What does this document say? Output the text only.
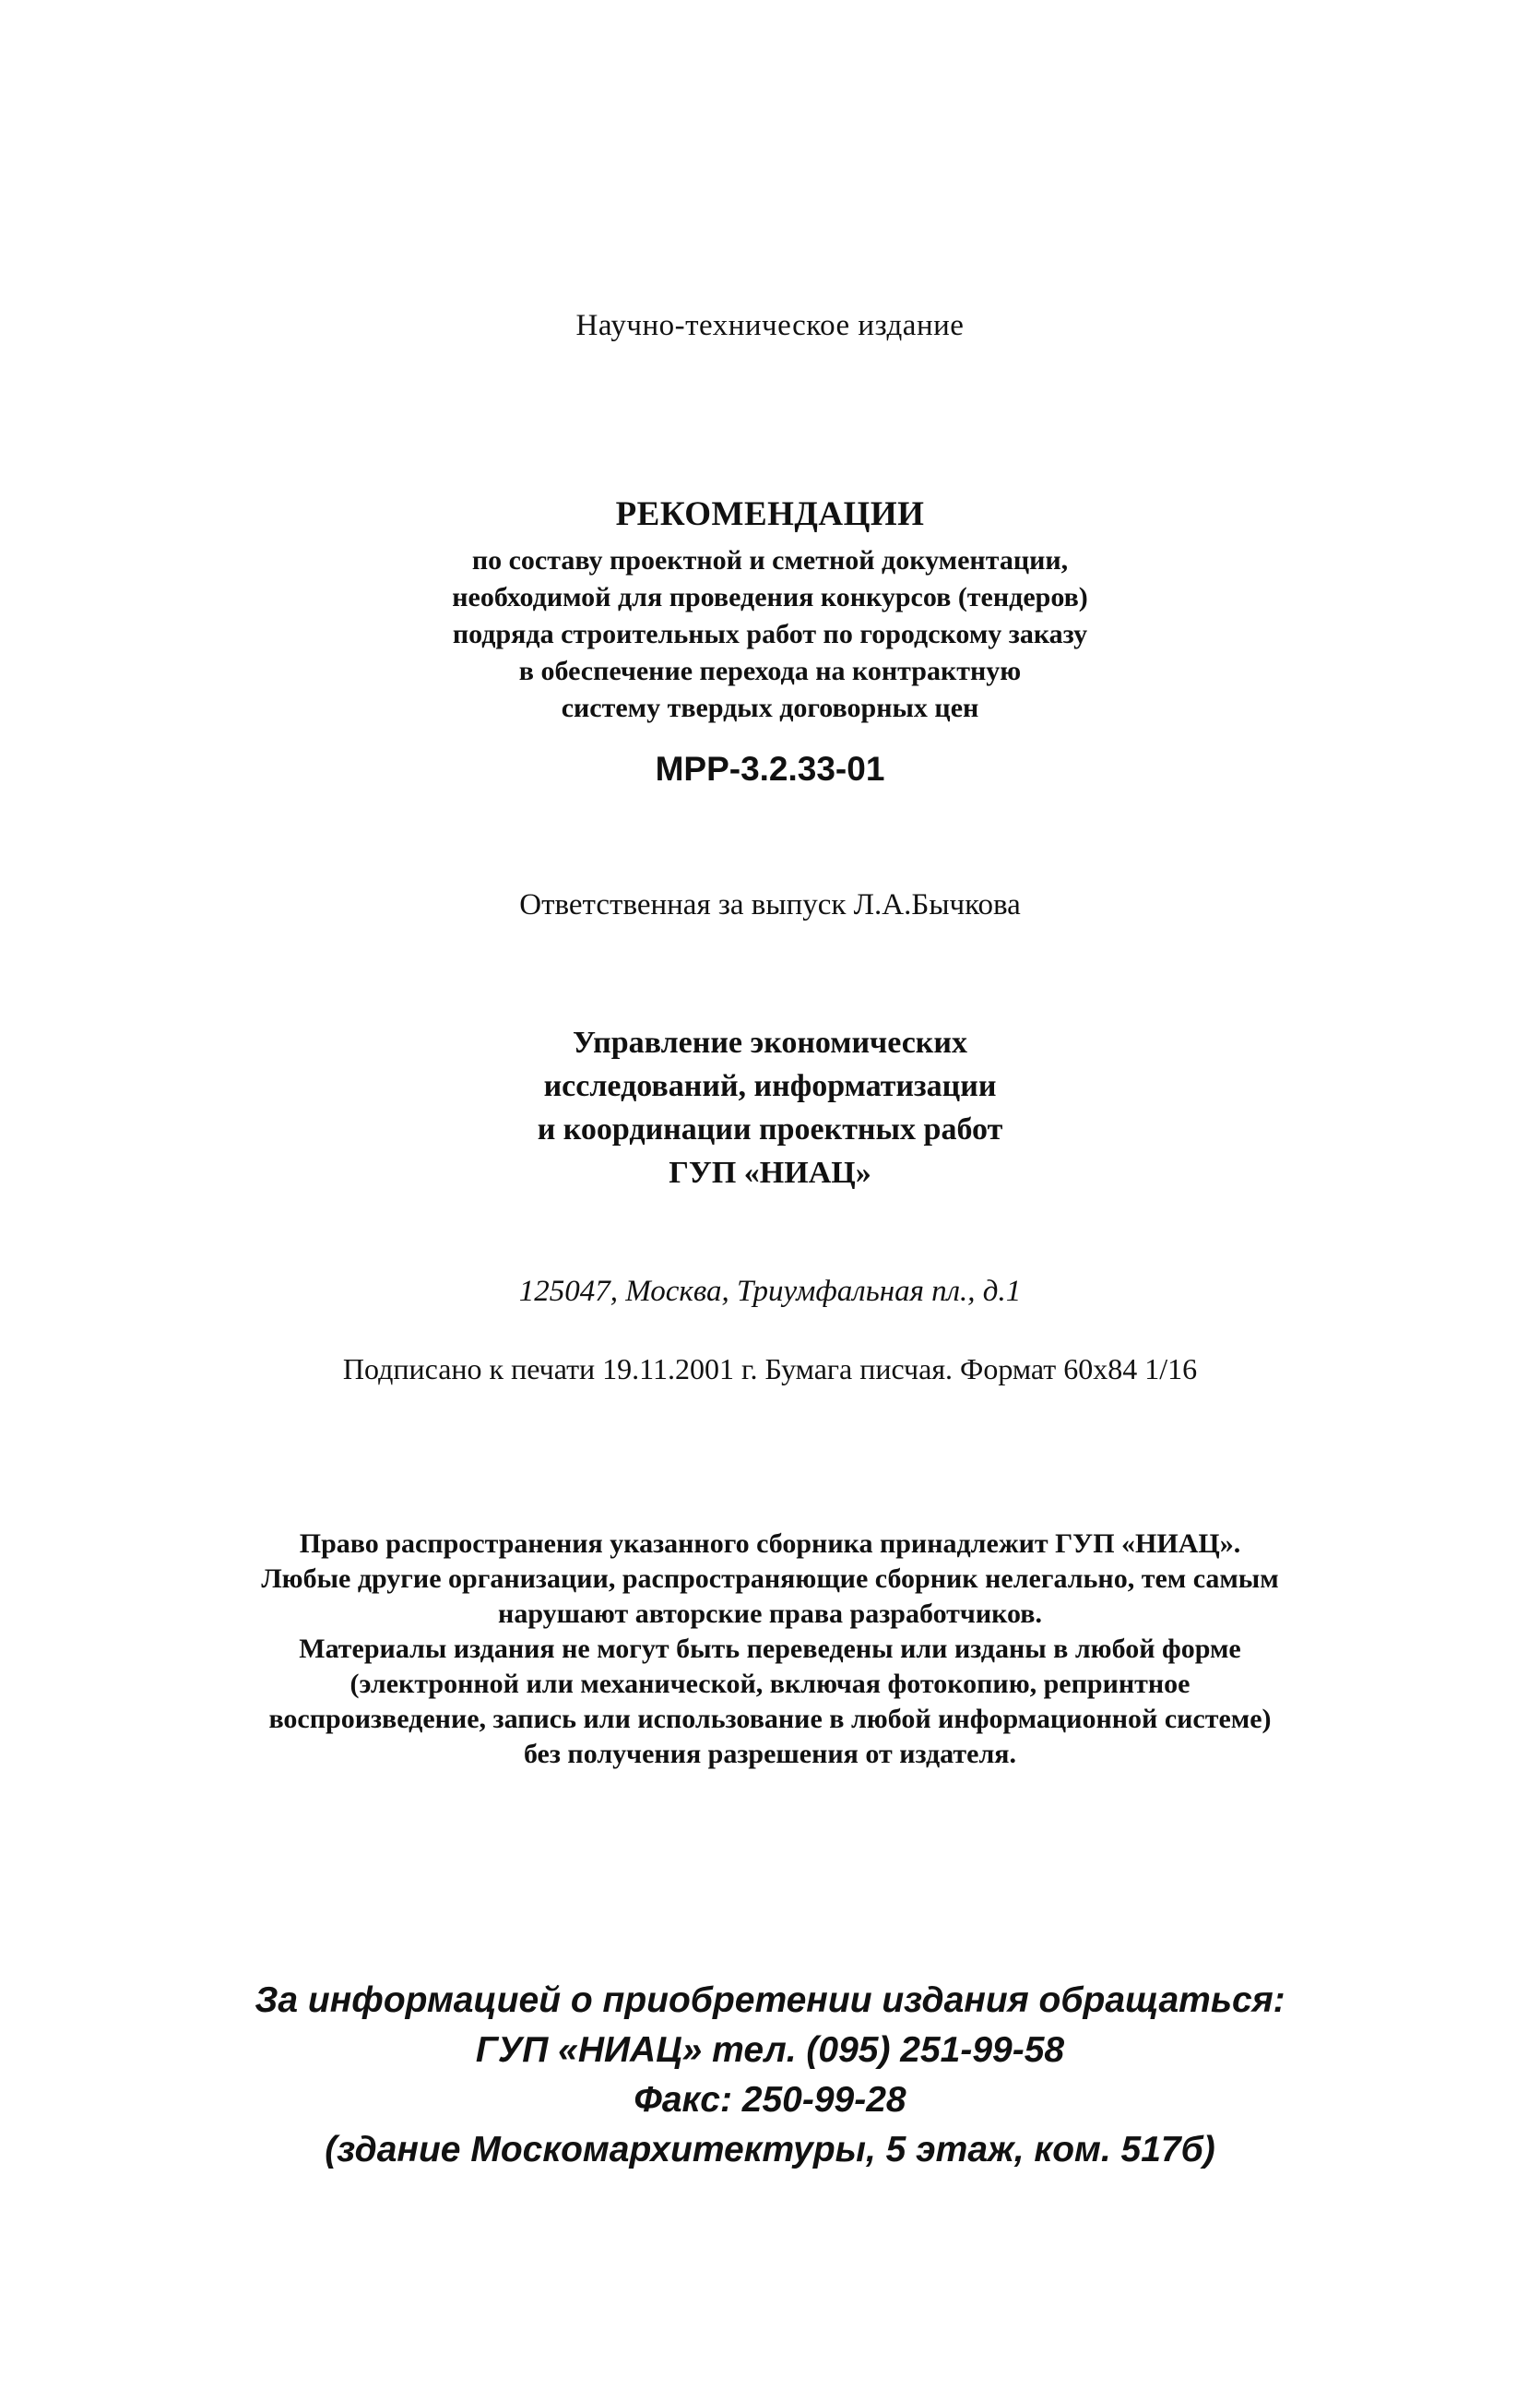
Научно-техническое издание
РЕКОМЕНДАЦИИ
по составу проектной и сметной документации,
необходимой для проведения конкурсов (тендеров)
подряда строительных работ по городскому заказу
в обеспечение перехода на контрактную
систему твердых договорных цен
МРР-3.2.33-01
Ответственная за выпуск Л.А.Бычкова
Управление экономических
исследований, информатизации
и координации проектных работ
ГУП «НИАЦ»
125047, Москва, Триумфальная пл., д.1
Подписано к печати 19.11.2001 г. Бумага писчая. Формат 60x84 1/16
Право распространения указанного сборника принадлежит ГУП «НИАЦ».
Любые другие организации, распространяющие сборник нелегально, тем самым
нарушают авторские права разработчиков.
Материалы издания не могут быть переведены или изданы в любой форме
(электронной или механической, включая фотокопию, репринтное
воспроизведение, запись или использование в любой информационной системе)
без получения разрешения от издателя.
За информацией о приобретении издания обращаться:
ГУП «НИАЦ» тел. (095) 251-99-58
Факс: 250-99-28
(здание Москомархитектуры, 5 этаж, ком. 517б)
